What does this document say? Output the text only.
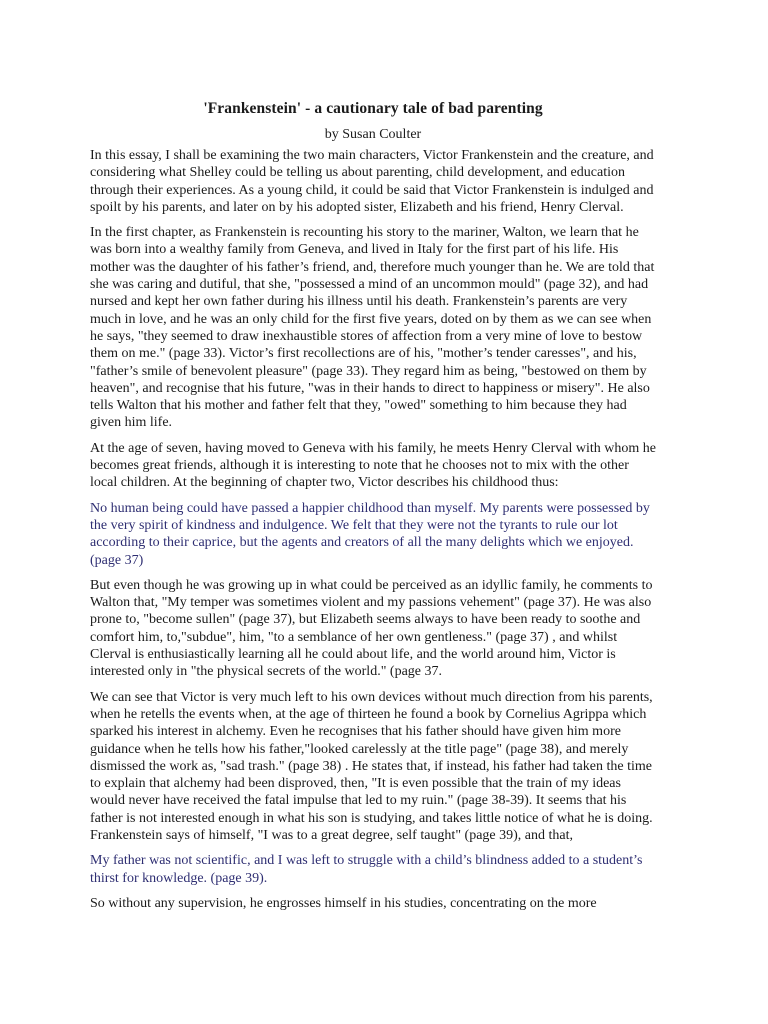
'Frankenstein' - a cautionary tale of bad parenting
by Susan Coulter

In this essay, I shall be examining the two main characters, Victor Frankenstein and the creature, and considering what Shelley could be telling us about parenting, child development, and education through their experiences. As a young child, it could be said that Victor Frankenstein is indulged and spoilt by his parents, and later on by his adopted sister, Elizabeth and his friend, Henry Clerval.

In the first chapter, as Frankenstein is recounting his story to the mariner, Walton, we learn that he was born into a wealthy family from Geneva, and lived in Italy for the first part of his life. His mother was the daughter of his father’s friend, and, therefore much younger than he. We are told that she was caring and dutiful, that she, "possessed a mind of an uncommon mould" (page 32), and had nursed and kept her own father during his illness until his death. Frankenstein’s parents are very much in love, and he was an only child for the first five years, doted on by them as we can see when he says, "they seemed to draw inexhaustible stores of affection from a very mine of love to bestow them on me." (page 33). Victor’s first recollections are of his, "mother’s tender caresses", and his, "father’s smile of benevolent pleasure" (page 33). They regard him as being, "bestowed on them by heaven", and recognise that his future, "was in their hands to direct to happiness or misery". He also tells Walton that his mother and father felt that they, "owed" something to him because they had given him life.

At the age of seven, having moved to Geneva with his family, he meets Henry Clerval with whom he becomes great friends, although it is interesting to note that he chooses not to mix with the other local children. At the beginning of chapter two, Victor describes his childhood thus:

No human being could have passed a happier childhood than myself. My parents were possessed by the very spirit of kindness and indulgence. We felt that they were not the tyrants to rule our lot according to their caprice, but the agents and creators of all the many delights which we enjoyed. (page 37)

But even though he was growing up in what could be perceived as an idyllic family, he comments to Walton that, "My temper was sometimes violent and my passions vehement" (page 37). He was also prone to, "become sullen" (page 37), but Elizabeth seems always to have been ready to soothe and comfort him, to,"subdue", him, "to a semblance of her own gentleness." (page 37) , and whilst Clerval is enthusiastically learning all he could about life, and the world around him, Victor is interested only in "the physical secrets of the world." (page 37.

We can see that Victor is very much left to his own devices without much direction from his parents, when he retells the events when, at the age of thirteen he found a book by Cornelius Agrippa which sparked his interest in alchemy. Even he recognises that his father should have given him more guidance when he tells how his father,"looked carelessly at the title page" (page 38), and merely dismissed the work as, "sad trash." (page 38) . He states that, if instead, his father had taken the time to explain that alchemy had been disproved, then, "It is even possible that the train of my ideas would never have received the fatal impulse that led to my ruin." (page 38-39). It seems that his father is not interested enough in what his son is studying, and takes little notice of what he is doing. Frankenstein says of himself, "I was to a great degree, self taught" (page 39), and that,

My father was not scientific, and I was left to struggle with a child’s blindness added to a student’s thirst for knowledge. (page 39).

So without any supervision, he engrosses himself in his studies, concentrating on the more
